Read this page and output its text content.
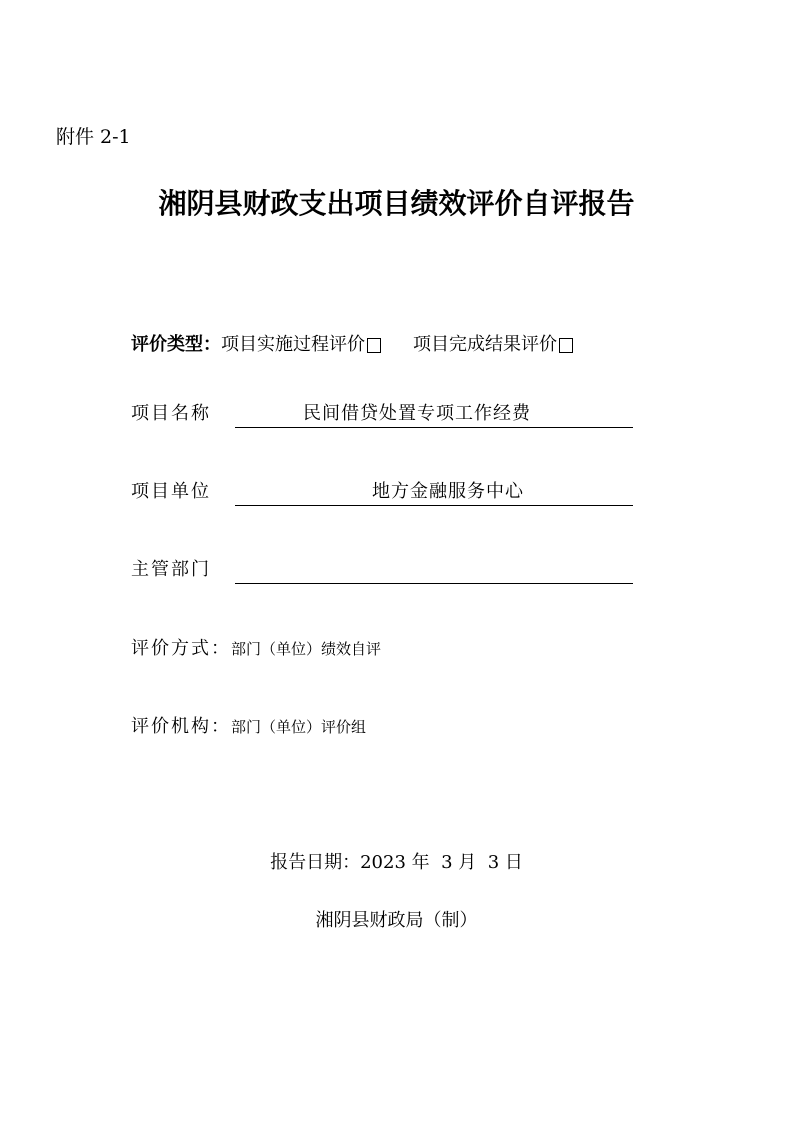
附件 2-1
湘阴县财政支出项目绩效评价自评报告
评价类型： 项目实施过程评价	项目完成结果评价
项目名称	民间借贷处置专项工作经费
项目单位	地方金融服务中心
主管部门
评价方式： 部门（单位）绩效自评
评价机构： 部门（单位）评价组
报告日期：2023 年  3 月  3 日
湘阴县财政局（制）
